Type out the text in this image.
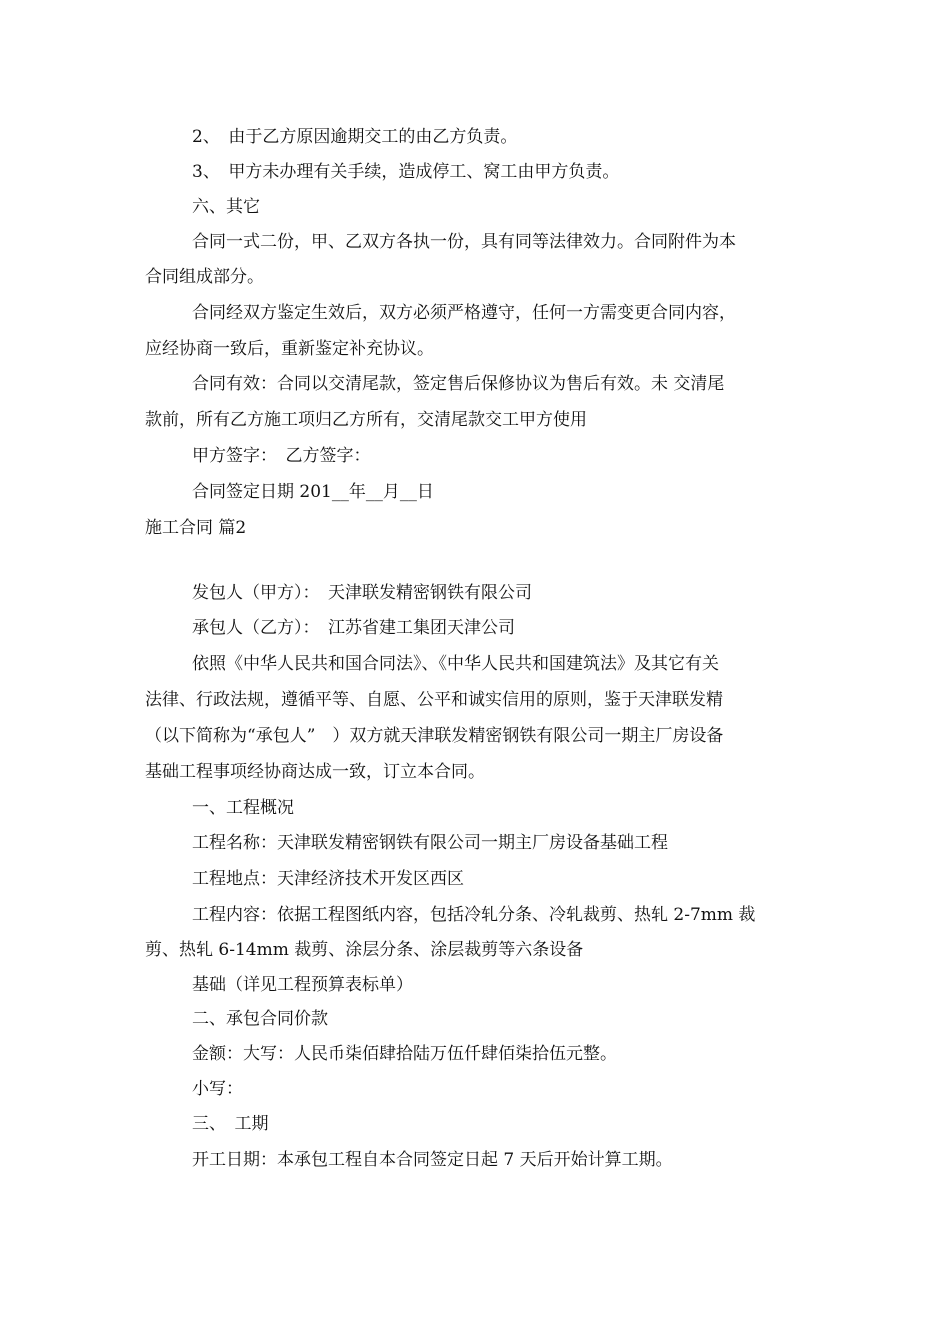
2、　由于乙方原因逾期交工的由乙方负责。
3、　甲方未办理有关手续，造成停工、窝工由甲方负责。
六、其它
合同一式二份，甲、乙双方各执一份，具有同等法律效力。合同附件为本
合同组成部分。
合同经双方鉴定生效后，双方必须严格遵守，任何一方需变更合同内容，
应经协商一致后，重新鉴定补充协议。
合同有效：合同以交清尾款，签定售后保修协议为售后有效。未 交清尾
款前，所有乙方施工项归乙方所有，交清尾款交工甲方使用
甲方签字：　乙方签字：
合同签定日期 201__年__月__日
施工合同 篇2
发包人（甲方）：　天津联发精密钢铁有限公司
承包人（乙方）：　江苏省建工集团天津公司
依照《中华人民共和国合同法》、《中华人民共和国建筑法》及其它有关
法律、行政法规，遵循平等、自愿、公平和诚实信用的原则，鉴于天津联发精
（以下简称为“承包人”　）双方就天津联发精密钢铁有限公司一期主厂房设备
基础工程事项经协商达成一致，订立本合同。
一、工程概况
工程名称：天津联发精密钢铁有限公司一期主厂房设备基础工程
工程地点：天津经济技术开发区西区
工程内容：依据工程图纸内容，包括冷轧分条、冷轧裁剪、热轧 2-7mm 裁
剪、热轧 6-14mm 裁剪、涂层分条、涂层裁剪等六条设备
基础（详见工程预算表标单）
二、承包合同价款
金额：大写：人民币柒佰肆拾陆万伍仟肆佰柒拾伍元整。
小写：
三、　工期
开工日期：本承包工程自本合同签定日起 7 天后开始计算工期。
